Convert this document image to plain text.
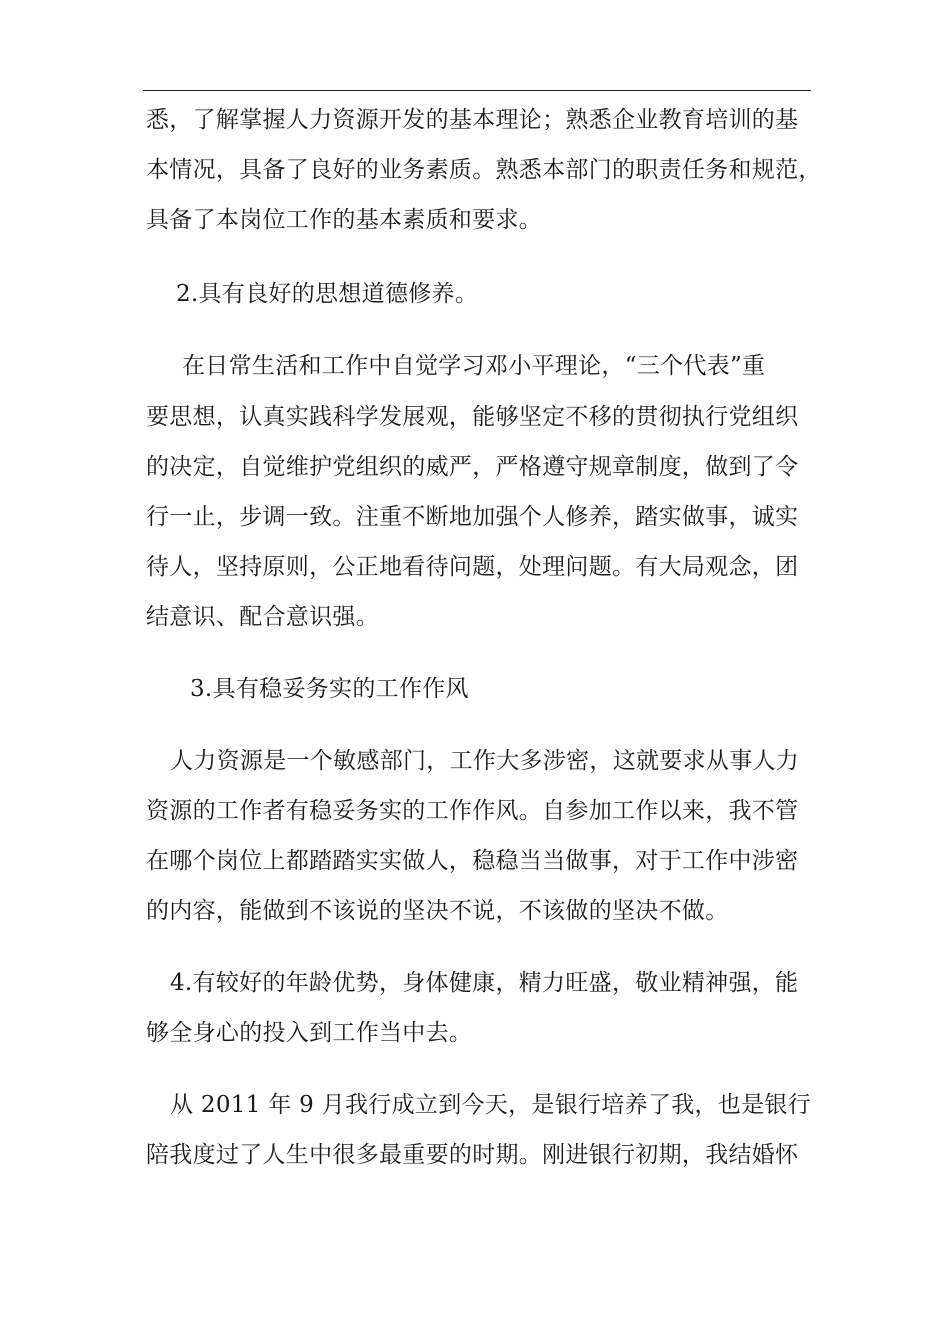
悉，了解掌握人力资源开发的基本理论；熟悉企业教育培训的基
本情况，具备了良好的业务素质。熟悉本部门的职责任务和规范，
具备了本岗位工作的基本素质和要求。
2.具有良好的思想道德修养。
在日常生活和工作中自觉学习邓小平理论，“三个代表”重
要思想，认真实践科学发展观，能够坚定不移的贯彻执行党组织
的决定，自觉维护党组织的威严，严格遵守规章制度，做到了令
行一止，步调一致。注重不断地加强个人修养，踏实做事，诚实
待人，坚持原则，公正地看待问题，处理问题。有大局观念，团
结意识、配合意识强。
3.具有稳妥务实的工作作风
人力资源是一个敏感部门，工作大多涉密，这就要求从事人力
资源的工作者有稳妥务实的工作作风。自参加工作以来，我不管
在哪个岗位上都踏踏实实做人，稳稳当当做事，对于工作中涉密
的内容，能做到不该说的坚决不说，不该做的坚决不做。
4.有较好的年龄优势，身体健康，精力旺盛，敬业精神强，能
够全身心的投入到工作当中去。
从 2011 年 9 月我行成立到今天，是银行培养了我，也是银行
陪我度过了人生中很多最重要的时期。刚进银行初期，我结婚怀
